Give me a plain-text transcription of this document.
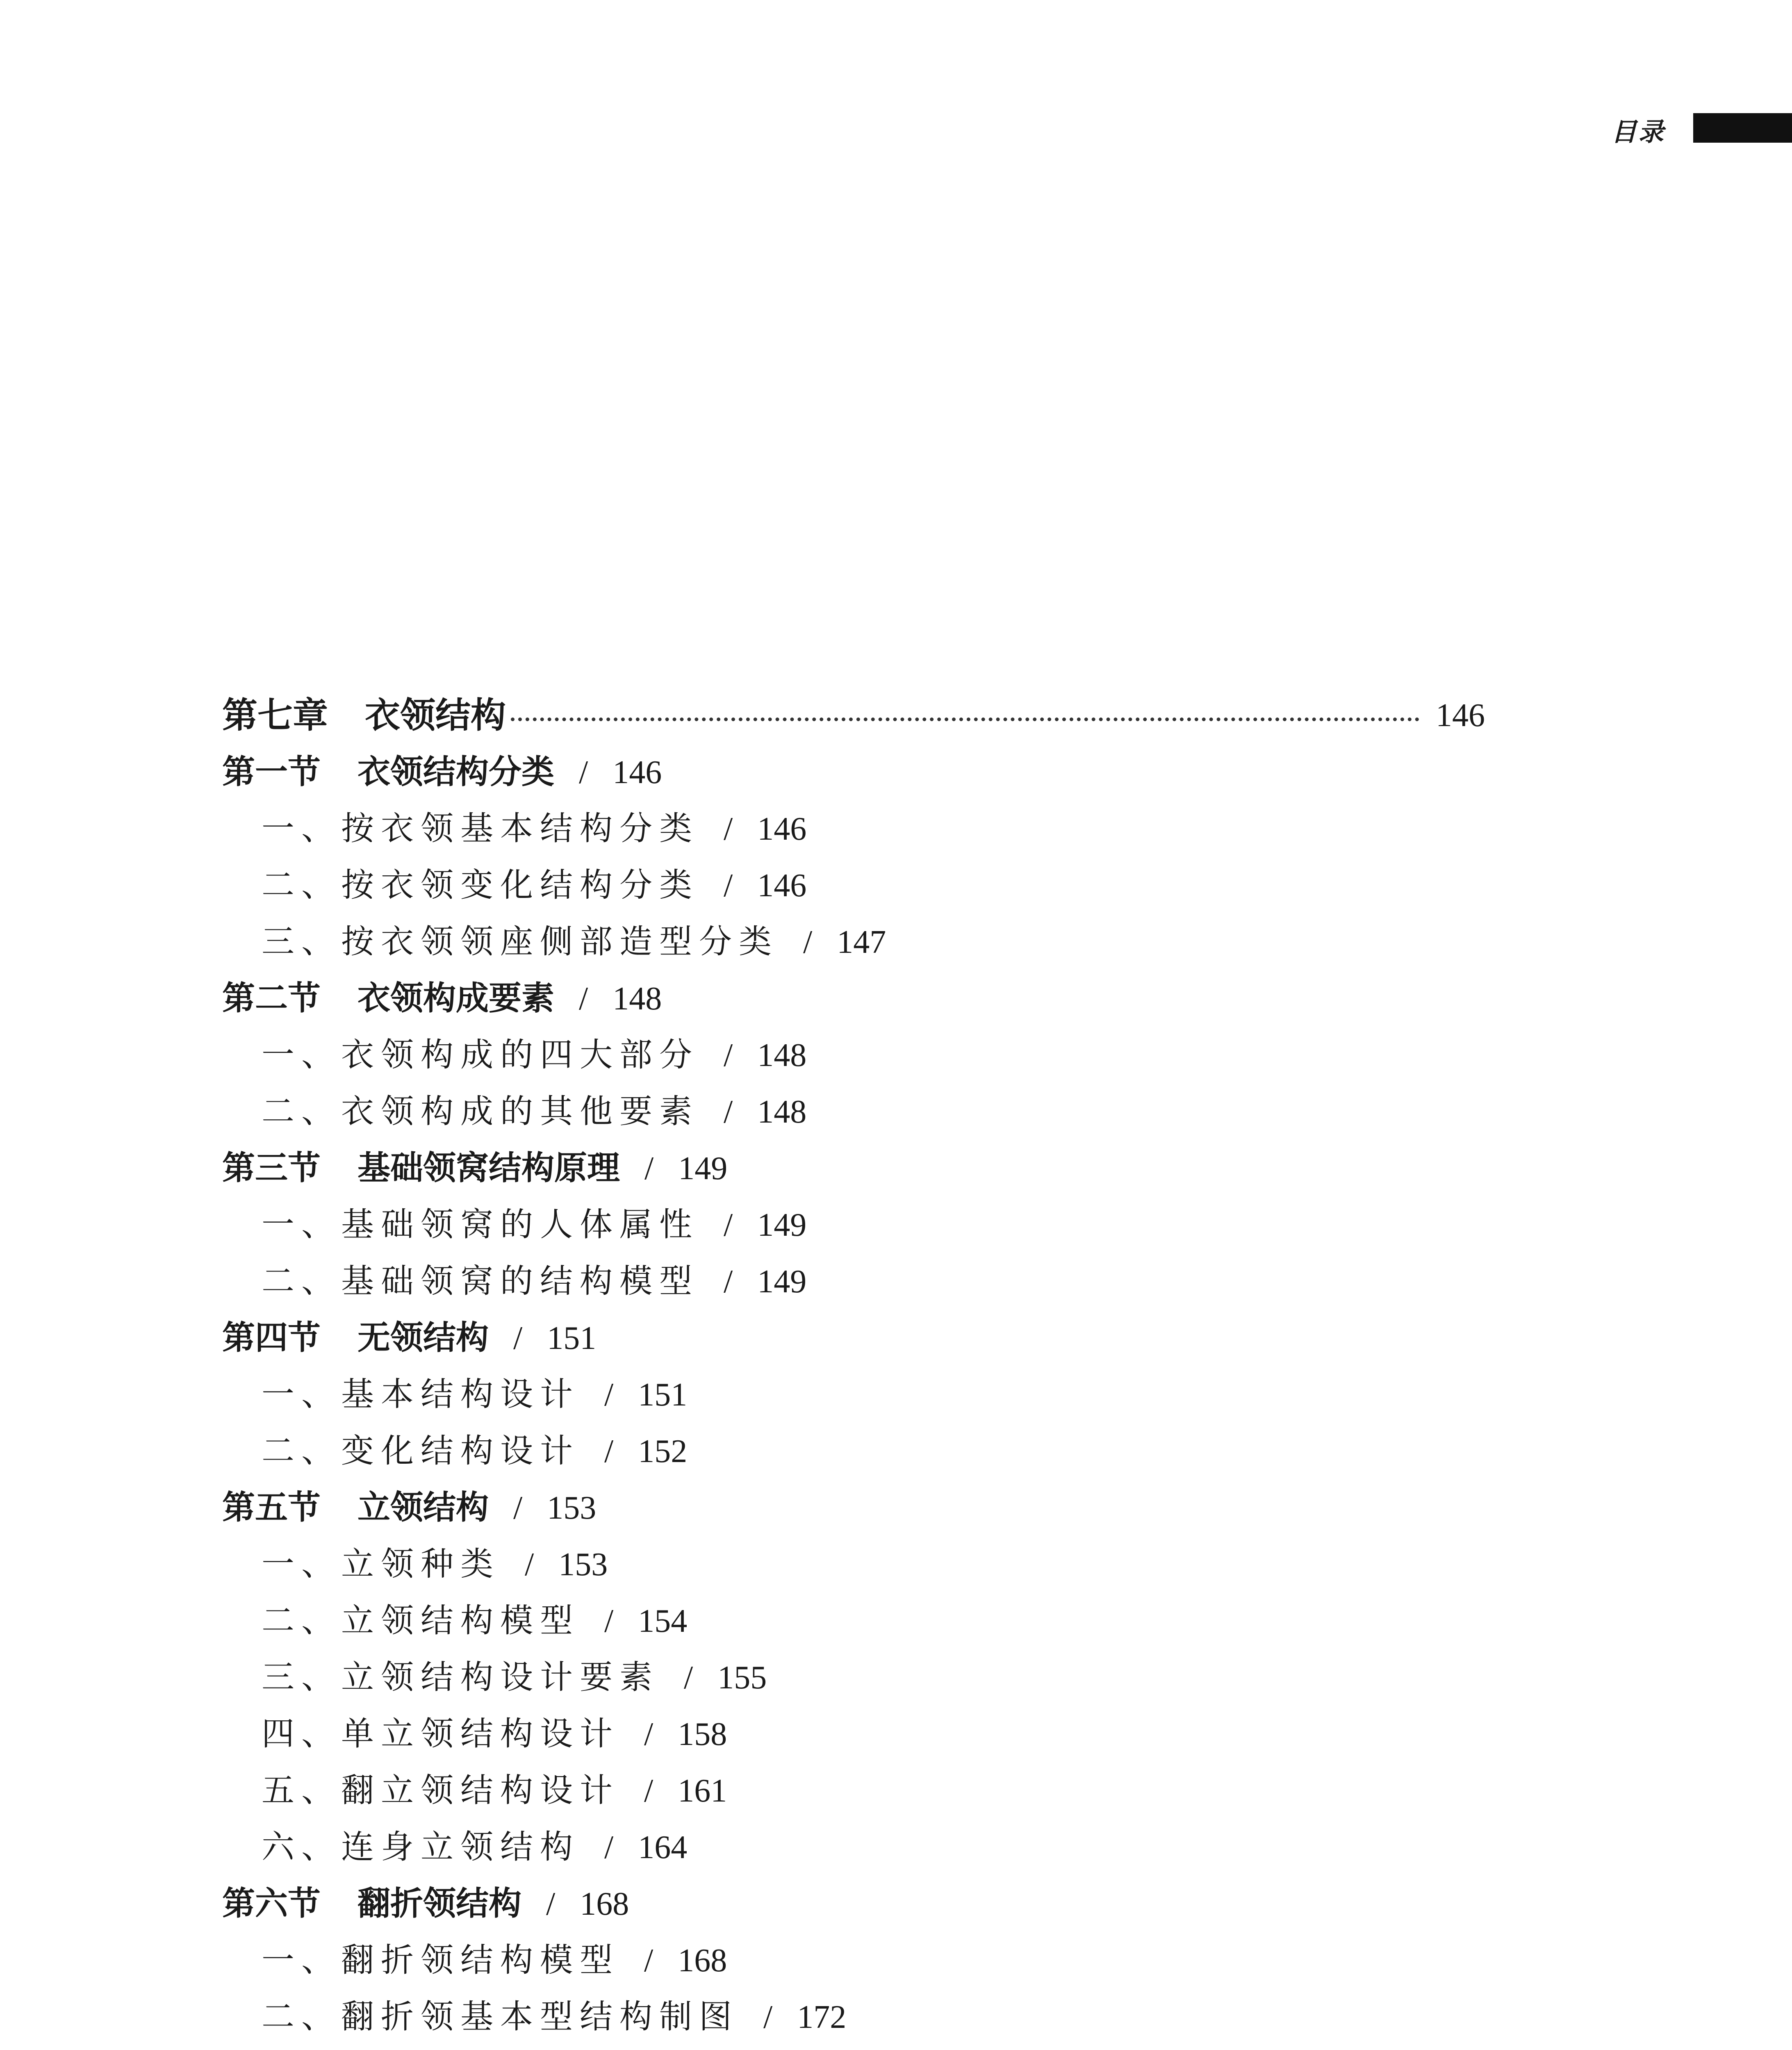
目录
第七章 衣领结构	146
第一节 衣领结构分类 / 146
一、按衣领基本结构分类 / 146
二、按衣领变化结构分类 / 146
三、按衣领领座侧部造型分类 / 147
第二节 衣领构成要素 / 148
一、衣领构成的四大部分 / 148
二、衣领构成的其他要素 / 148
第三节 基础领窝结构原理 / 149
一、基础领窝的人体属性 / 149
二、基础领窝的结构模型 / 149
第四节 无领结构 / 151
一、基本结构设计 / 151
二、变化结构设计 / 152
第五节 立领结构 / 153
一、立领种类 / 153
二、立领结构模型 / 154
三、立领结构设计要素 / 155
四、单立领结构设计 / 158
五、翻立领结构设计 / 161
六、连身立领结构 / 164
第六节 翻折领结构 / 168
一、翻折领结构模型 / 168
二、翻折领基本型结构制图 / 172
